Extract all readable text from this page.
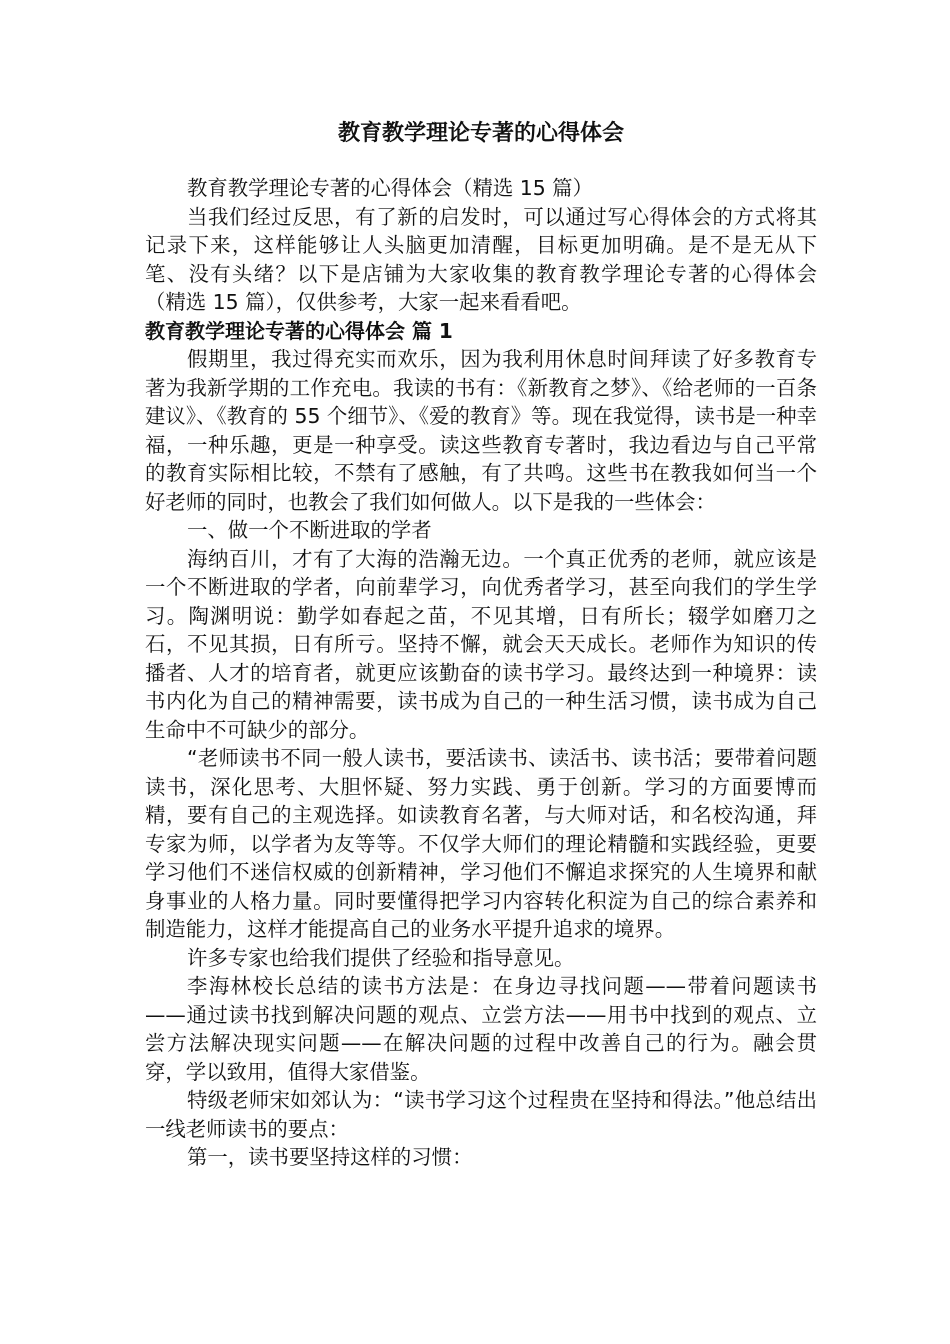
教育教学理论专著的心得体会

教育教学理论专著的心得体会（精选 15 篇）

当我们经过反思，有了新的启发时，可以通过写心得体会的方式将其记录下来，这样能够让人头脑更加清醒，目标更加明确。是不是无从下笔、没有头绪？以下是店铺为大家收集的教育教学理论专著的心得体会（精选 15 篇），仅供参考，大家一起来看看吧。

教育教学理论专著的心得体会 篇 1

假期里，我过得充实而欢乐，因为我利用休息时间拜读了好多教育专著为我新学期的工作充电。我读的书有：《新教育之梦》、《给老师的一百条建议》、《教育的 55 个细节》、《爱的教育》等。现在我觉得，读书是一种幸福，一种乐趣，更是一种享受。读这些教育专著时，我边看边与自己平常的教育实际相比较，不禁有了感触，有了共鸣。这些书在教我如何当一个好老师的同时，也教会了我们如何做人。以下是我的一些体会：

一、做一个不断进取的学者

海纳百川，才有了大海的浩瀚无边。一个真正优秀的老师，就应该是一个不断进取的学者，向前辈学习，向优秀者学习，甚至向我们的学生学习。陶渊明说：勤学如春起之苗，不见其增，日有所长；辍学如磨刀之石，不见其损，日有所亏。坚持不懈，就会天天成长。老师作为知识的传播者、人才的培育者，就更应该勤奋的读书学习。最终达到一种境界：读书内化为自己的精神需要，读书成为自己的一种生活习惯，读书成为自己生命中不可缺少的部分。

“老师读书不同一般人读书，要活读书、读活书、读书活；要带着问题读书，深化思考、大胆怀疑、努力实践、勇于创新。学习的方面要博而精，要有自己的主观选择。如读教育名著，与大师对话，和名校沟通，拜专家为师，以学者为友等等。不仅学大师们的理论精髓和实践经验，更要学习他们不迷信权威的创新精神，学习他们不懈追求探究的人生境界和献身事业的人格力量。同时要懂得把学习内容转化积淀为自己的综合素养和制造能力，这样才能提高自己的业务水平提升追求的境界。

许多专家也给我们提供了经验和指导意见。

李海林校长总结的读书方法是：在身边寻找问题——带着问题读书——通过读书找到解决问题的观点、立尝方法——用书中找到的观点、立尝方法解决现实问题——在解决问题的过程中改善自己的行为。融会贯穿，学以致用，值得大家借鉴。

特级老师宋如郊认为：“读书学习这个过程贵在坚持和得法。”他总结出一线老师读书的要点：

第一，读书要坚持这样的习惯：
